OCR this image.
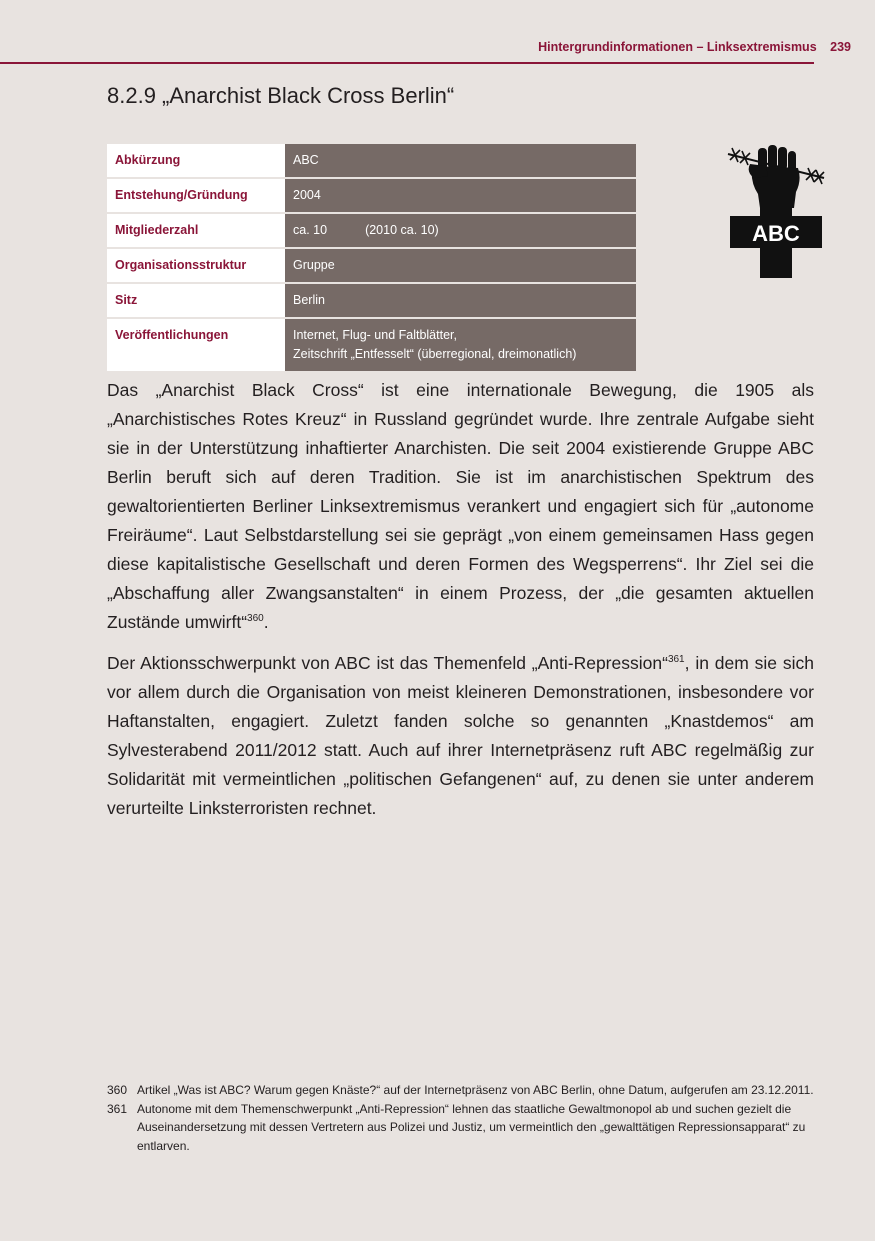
Hintergrundinformationen – Linksextremismus 239
8.2.9 „Anarchist Black Cross Berlin“
Abkürzung	ABC
Entstehung/Gründung	2004
Mitgliederzahl	ca. 10 (2010 ca. 10)
Organisationsstruktur	Gruppe
Sitz	Berlin
Veröffentlichungen	Internet, Flug- und Faltblätter,
Zeitschrift „Entfesselt“ (überregional, dreimonatlich)
ABC

Das „Anarchist Black Cross“ ist eine internationale Bewegung, die 1905 als „Anarchistisches Rotes Kreuz“ in Russland gegründet wurde. Ihre zentrale Aufgabe sieht sie in der Unterstützung inhaftierter Anarchisten. Die seit 2004 existierende Gruppe ABC Berlin beruft sich auf deren Tradition. Sie ist im anarchistischen Spektrum des gewaltorientierten Berliner Linksextremismus verankert und engagiert sich für „autonome Freiräume“. Laut Selbstdarstellung sei sie geprägt „von einem gemeinsamen Hass gegen diese kapitalistische Gesellschaft und deren Formen des Wegsperrens“. Ihr Ziel sei die „Abschaffung aller Zwangsanstalten“ in einem Prozess, der „die gesamten aktuellen Zustände umwirft“$^{360}$.

Der Aktionsschwerpunkt von ABC ist das Themenfeld „Anti-Repression“$^{361}$, in dem sie sich vor allem durch die Organisation von meist kleineren Demonstrationen, insbesondere vor Haftanstalten, engagiert. Zuletzt fanden solche so genannten „Knastdemos“ am Sylvesterabend 2011/2012 statt. Auch auf ihrer Internetpräsenz ruft ABC regelmäßig zur Solidarität mit vermeintlichen „politischen Gefangenen“ auf, zu denen sie unter anderem verurteilte Linksterroristen rechnet.

360 Artikel „Was ist ABC? Warum gegen Knäste?“ auf der Internetpräsenz von ABC Berlin, ohne Datum, aufgerufen am 23.12.2011.
361 Autonome mit dem Themenschwerpunkt „Anti-Repression“ lehnen das staatliche Gewaltmonopol ab und suchen gezielt die Auseinandersetzung mit dessen Vertretern aus Polizei und Justiz, um vermeintlich den „gewalttätigen Repressionsapparat“ zu entlarven.
